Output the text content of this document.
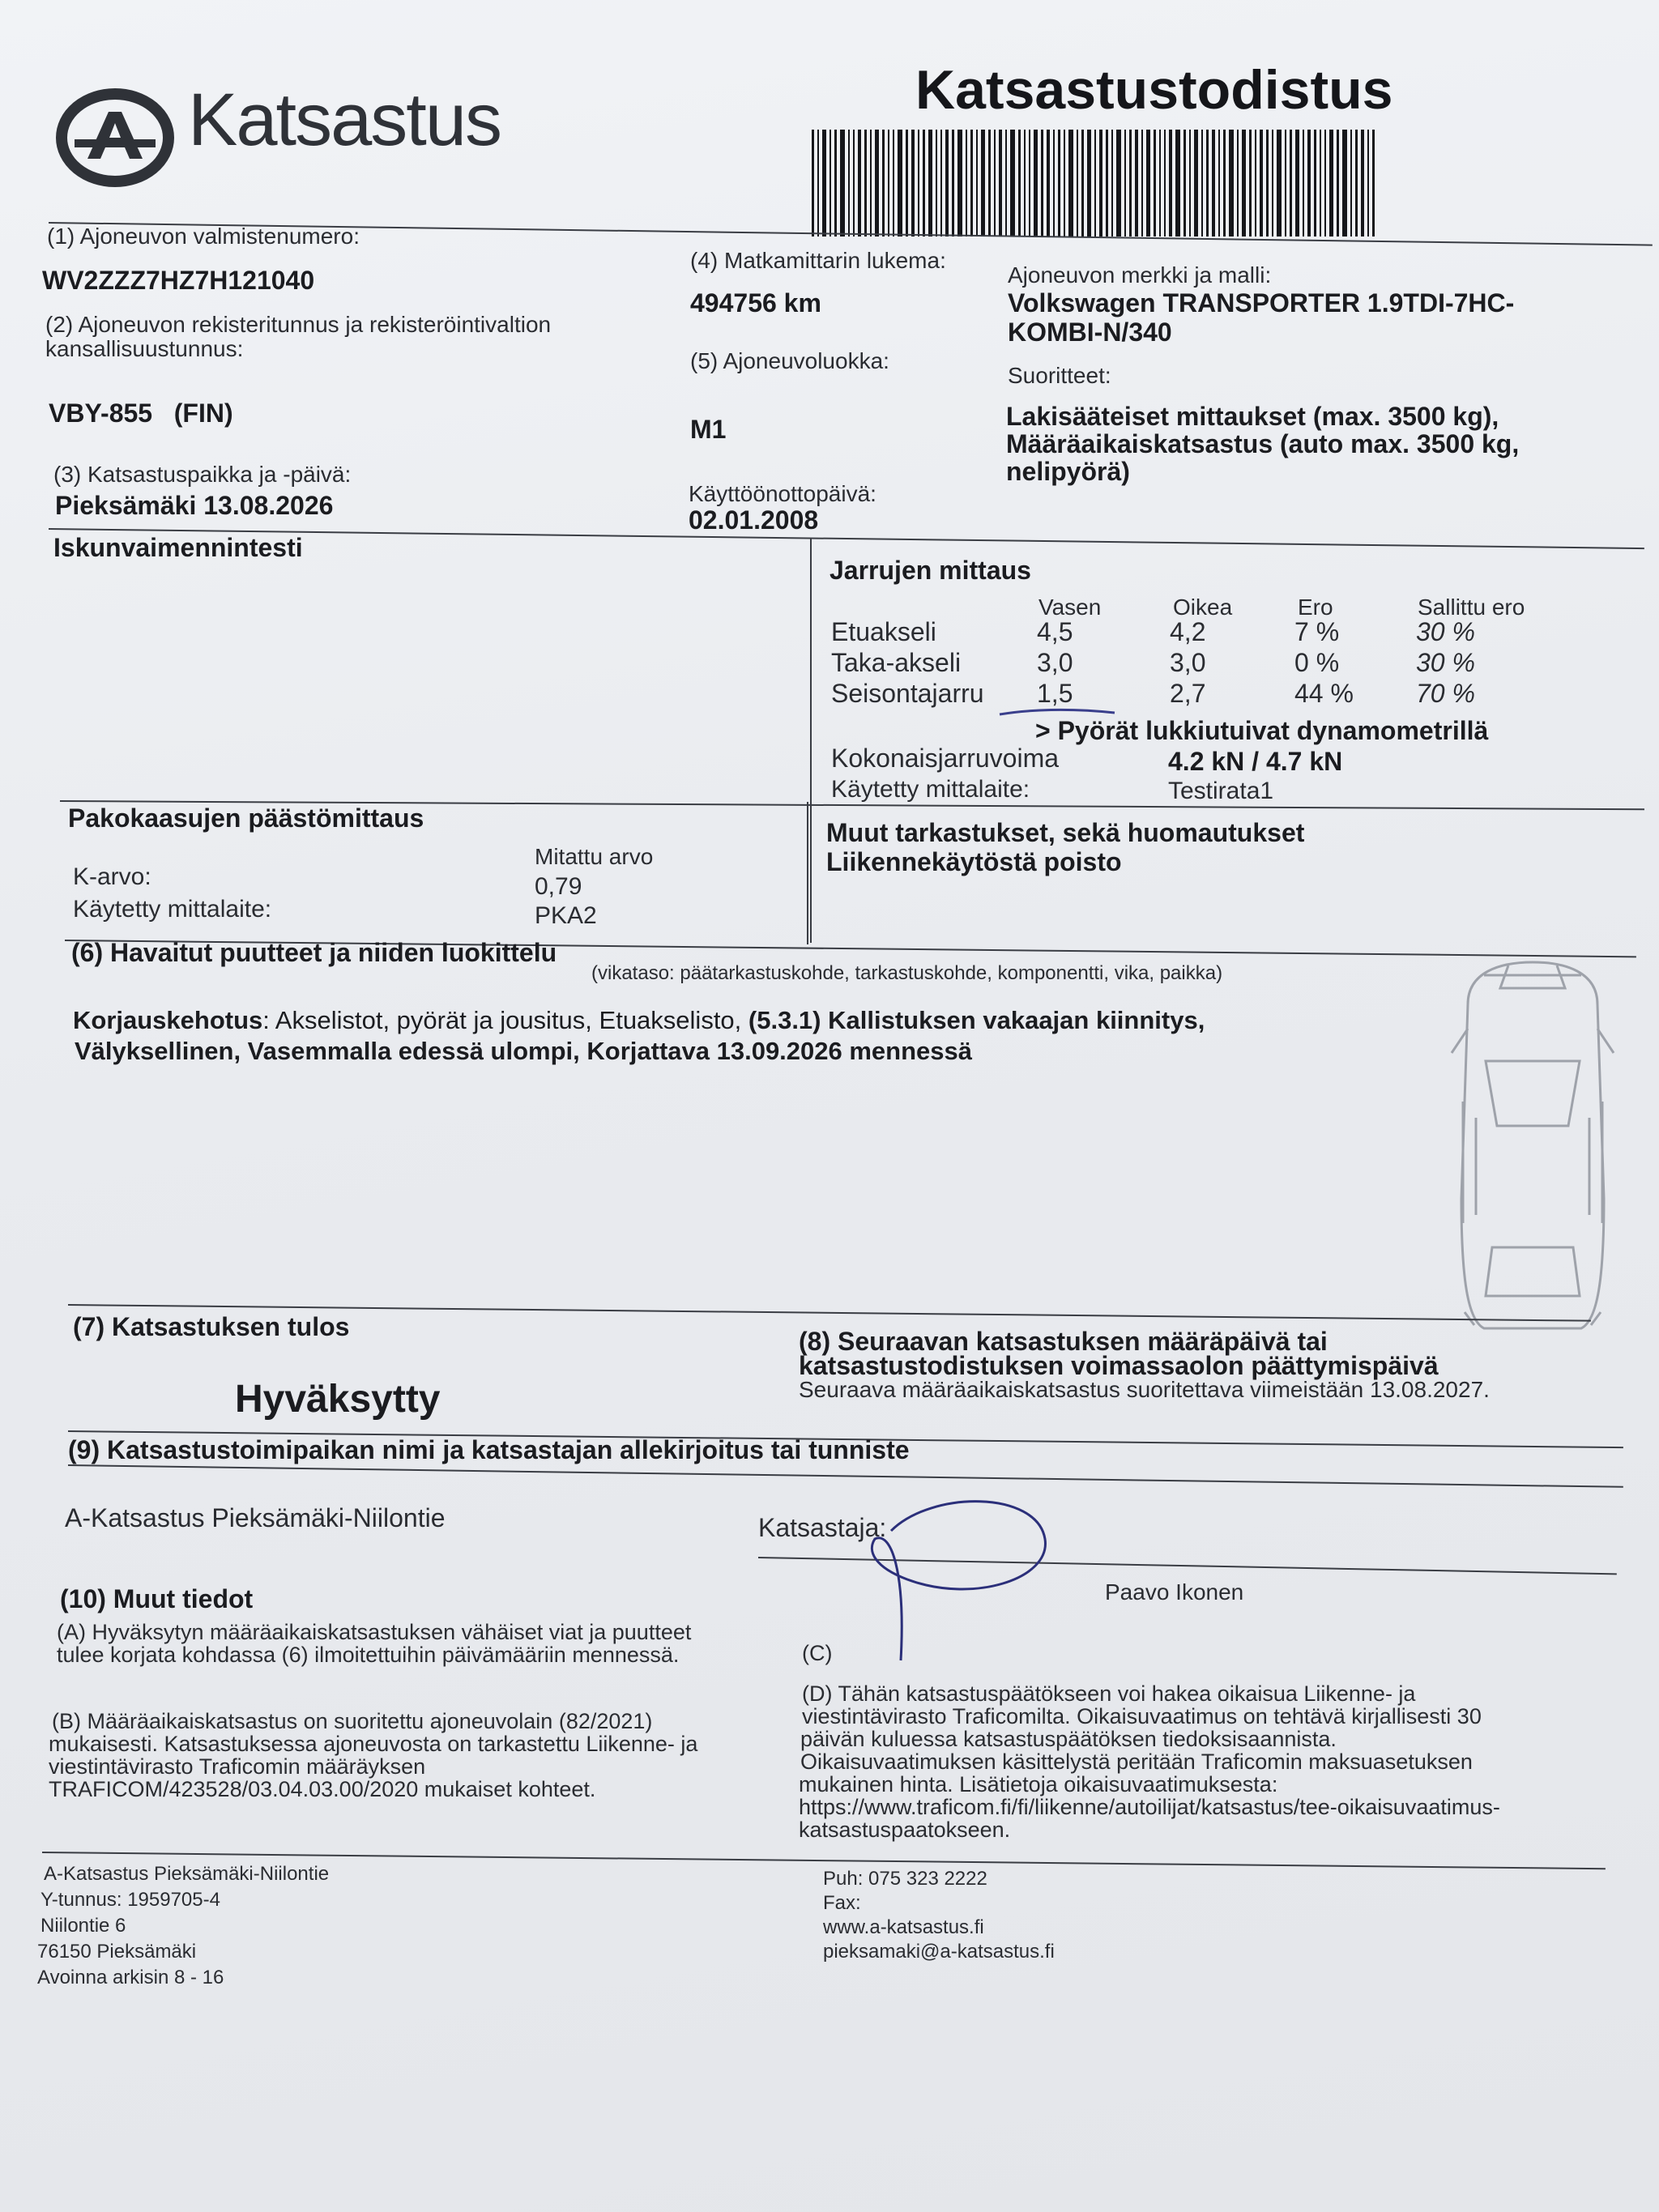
Katsastus	Katsastustodistus
(1) Ajoneuvon valmistenumero:
WV2ZZZ7HZ7H121040
(2) Ajoneuvon rekisteritunnus ja rekisteröintivaltion kansallisuustunnus:
VBY-855   (FIN)
(3) Katsastuspaikka ja -päivä:
Pieksämäki 13.08.2026
(4) Matkamittarin lukema:
494756 km
(5) Ajoneuvoluokka:
M1
Käyttöönottopäivä:
02.01.2008
Ajoneuvon merkki ja malli:
Volkswagen TRANSPORTER 1.9TDI-7HC-
KOMBI-N/340
Suoritteet:
Lakisääteiset mittaukset (max. 3500 kg),
Määräaikaiskatsastus (auto max. 3500 kg,
nelipyörä)
Iskunvaimennintesti
Jarrujen mittaus
Vasen	Oikea	Ero	Sallittu ero
Etuakseli	4,5	4,2	7 %	30 %
Taka-akseli	3,0	3,0	0 %	30 %
Seisontajarru 1,5	2,7	44 % 70 %
> Pyörät lukkiutuivat dynamometrillä
Kokonaisjarruvoima	4.2 kN / 4.7 kN
Käytetty mittalaite:	Testirata1
Pakokaasujen päästömittaus
Mitattu arvo
K-arvo:	0,79
Käytetty mittalaite:	PKA2
Muut tarkastukset, sekä huomautukset
Liikennekäytöstä poisto
(6) Havaitut puutteet ja niiden luokittelu
(vikataso: päätarkastuskohde, tarkastuskohde, komponentti, vika, paikka)
Korjauskehotus: Akselistot, pyörät ja jousitus, Etuakselisto, (5.3.1) Kallistuksen vakaajan kiinnitys,
Välyksellinen, Vasemmalla edessä ulompi, Korjattava 13.09.2026 mennessä
(7) Katsastuksen tulos
Hyväksytty
(8) Seuraavan katsastuksen määräpäivä tai
katsastustodistuksen voimassaolon päättymispäivä
Seuraava määräaikaiskatsastus suoritettava viimeistään 13.08.2027.
(9) Katsastustoimipaikan nimi ja katsastajan allekirjoitus tai tunniste
A-Katsastus Pieksämäki-Niilontie	Katsastaja:
Paavo Ikonen
(10) Muut tiedot
(A) Hyväksytyn määräaikaiskatsastuksen vähäiset viat ja puutteet
tulee korjata kohdassa (6) ilmoitettuihin päivämääriin mennessä.
(B) Määräaikaiskatsastus on suoritettu ajoneuvolain (82/2021)
mukaisesti. Katsastuksessa ajoneuvosta on tarkastettu Liikenne- ja
viestintävirasto Traficomin määräyksen
TRAFICOM/423528/03.04.03.00/2020 mukaiset kohteet.
(C)
(D) Tähän katsastuspäätökseen voi hakea oikaisua Liikenne- ja
viestintävirasto Traficomilta. Oikaisuvaatimus on tehtävä kirjallisesti 30
päivän kuluessa katsastuspäätöksen tiedoksisaannista.
Oikaisuvaatimuksen käsittelystä peritään Traficomin maksuasetuksen
mukainen hinta. Lisätietoja oikaisuvaatimuksesta:
https://www.traficom.fi/fi/liikenne/autoilijat/katsastus/tee-oikaisuvaatimus-
katsastuspaatokseen.
A-Katsastus Pieksämäki-Niilontie
Y-tunnus: 1959705-4
Niilontie 6
76150 Pieksämäki
Avoinna arkisin 8 - 16
Puh: 075 323 2222
Fax:
www.a-katsastus.fi
pieksamaki@a-katsastus.fi
